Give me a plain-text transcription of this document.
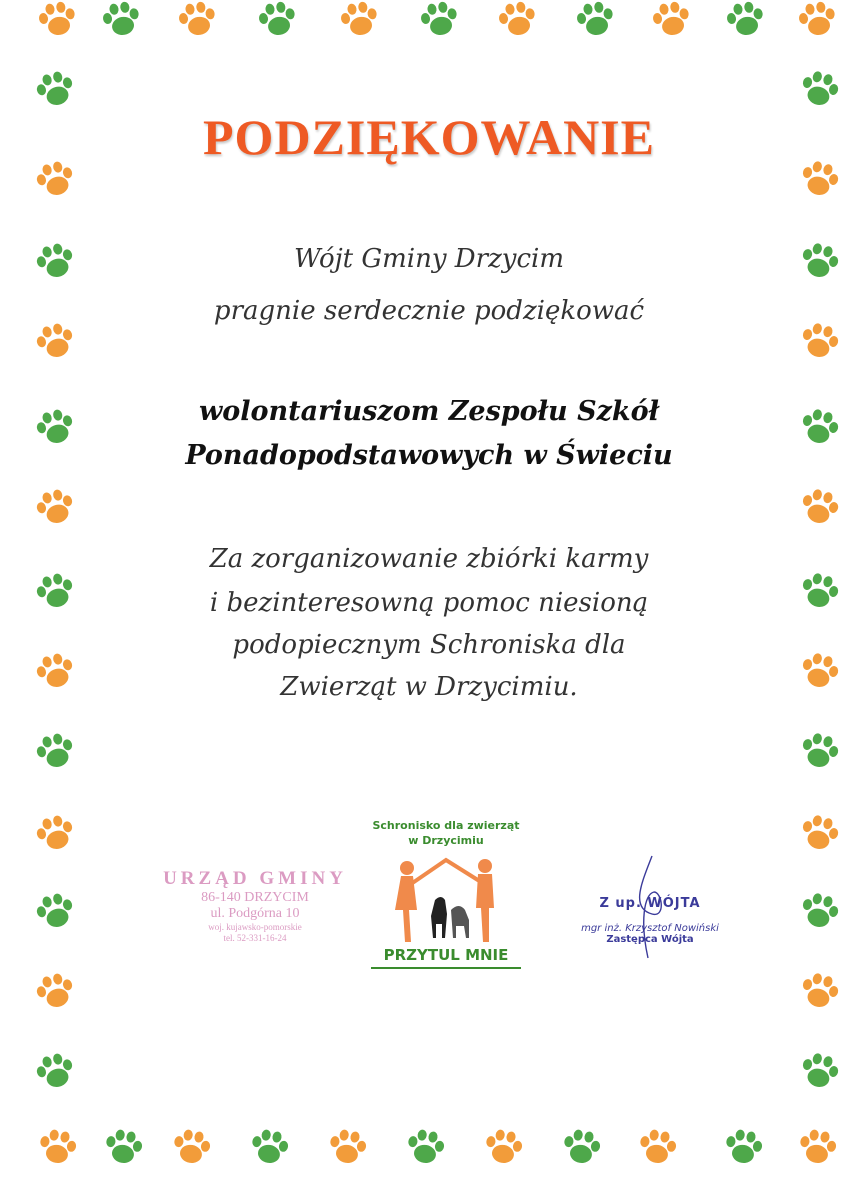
PODZIĘKOWANIE
Wójt Gminy Drzycim
pragnie serdecznie podziękować
wolontariuszom Zespołu Szkół
Ponadopodstawowych w Świeciu
Za zorganizowanie zbiórki karmy
i bezinteresowną pomoc niesioną
podopiecznym Schroniska dla
Zwierząt w Drzycimiu.
URZĄD GMINY
86-140 DRZYCIM
ul. Podgórna 10
woj. kujawsko-pomorskie
tel. 52-331-16-24
Schronisko dla zwierząt
w Drzycimiu
PRZYTUL MNIE
Z up. WÓJTA
mgr inż. Krzysztof Nowiński
Zastępca Wójta
